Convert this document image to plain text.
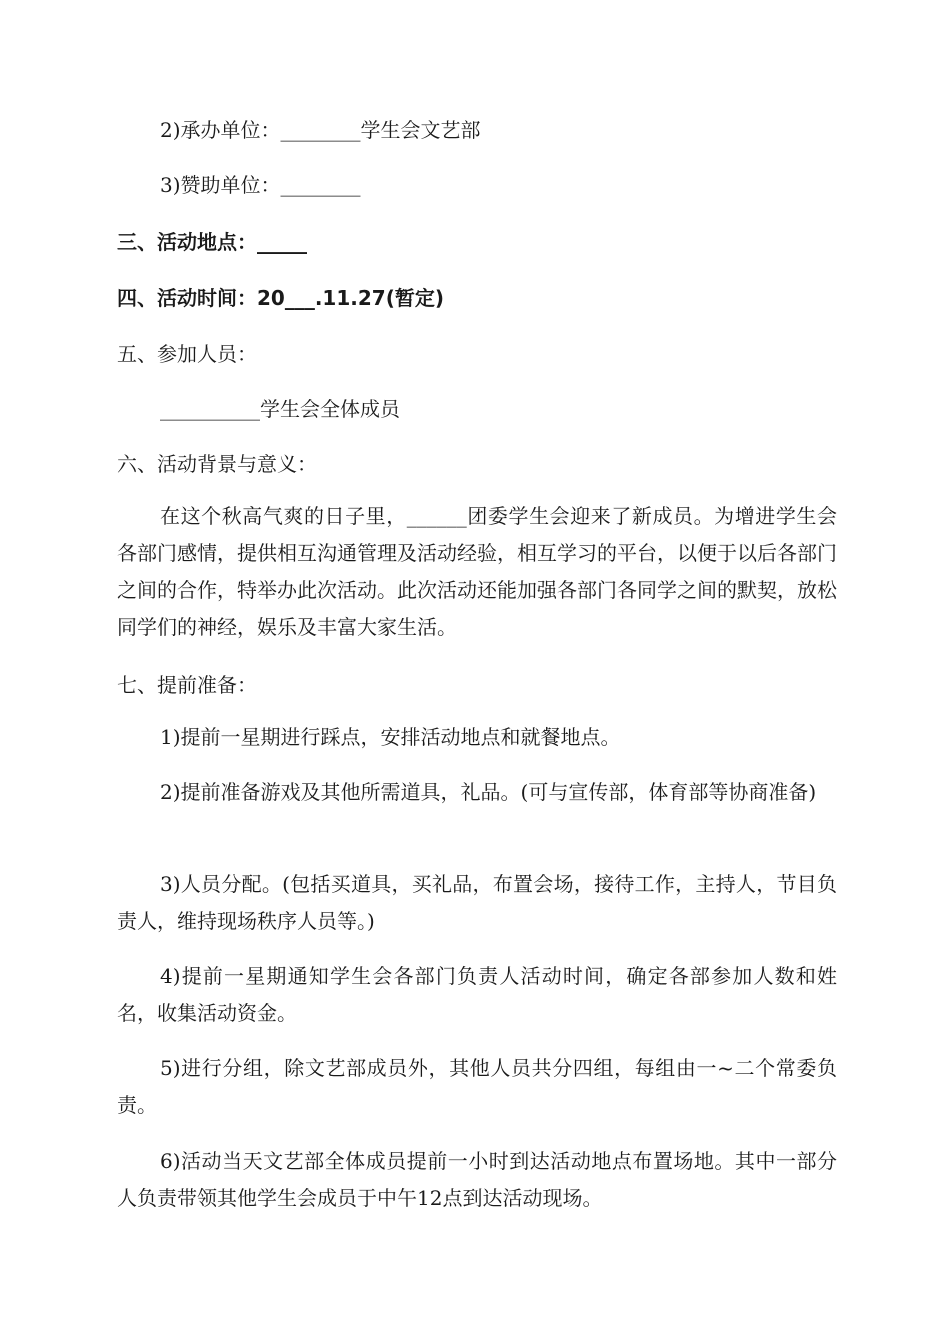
2)承办单位：________学生会文艺部

3)赞助单位：________

三、活动地点：_____

四、活动时间：20___.11.27(暂定)

五、参加人员：

__________学生会全体成员

六、活动背景与意义：

在这个秋高气爽的日子里，______团委学生会迎来了新成员。为增进学生会各部门感情，提供相互沟通管理及活动经验，相互学习的平台，以便于以后各部门之间的合作，特举办此次活动。此次活动还能加强各部门各同学之间的默契，放松同学们的神经，娱乐及丰富大家生活。

七、提前准备：

1)提前一星期进行踩点，安排活动地点和就餐地点。

2)提前准备游戏及其他所需道具，礼品。(可与宣传部，体育部等协商准备)

3)人员分配。(包括买道具，买礼品，布置会场，接待工作，主持人，节目负责人，维持现场秩序人员等。)

4)提前一星期通知学生会各部门负责人活动时间，确定各部参加人数和姓名，收集活动资金。

5)进行分组，除文艺部成员外，其他人员共分四组，每组由一~二个常委负责。

6)活动当天文艺部全体成员提前一小时到达活动地点布置场地。其中一部分人负责带领其他学生会成员于中午12点到达活动现场。
